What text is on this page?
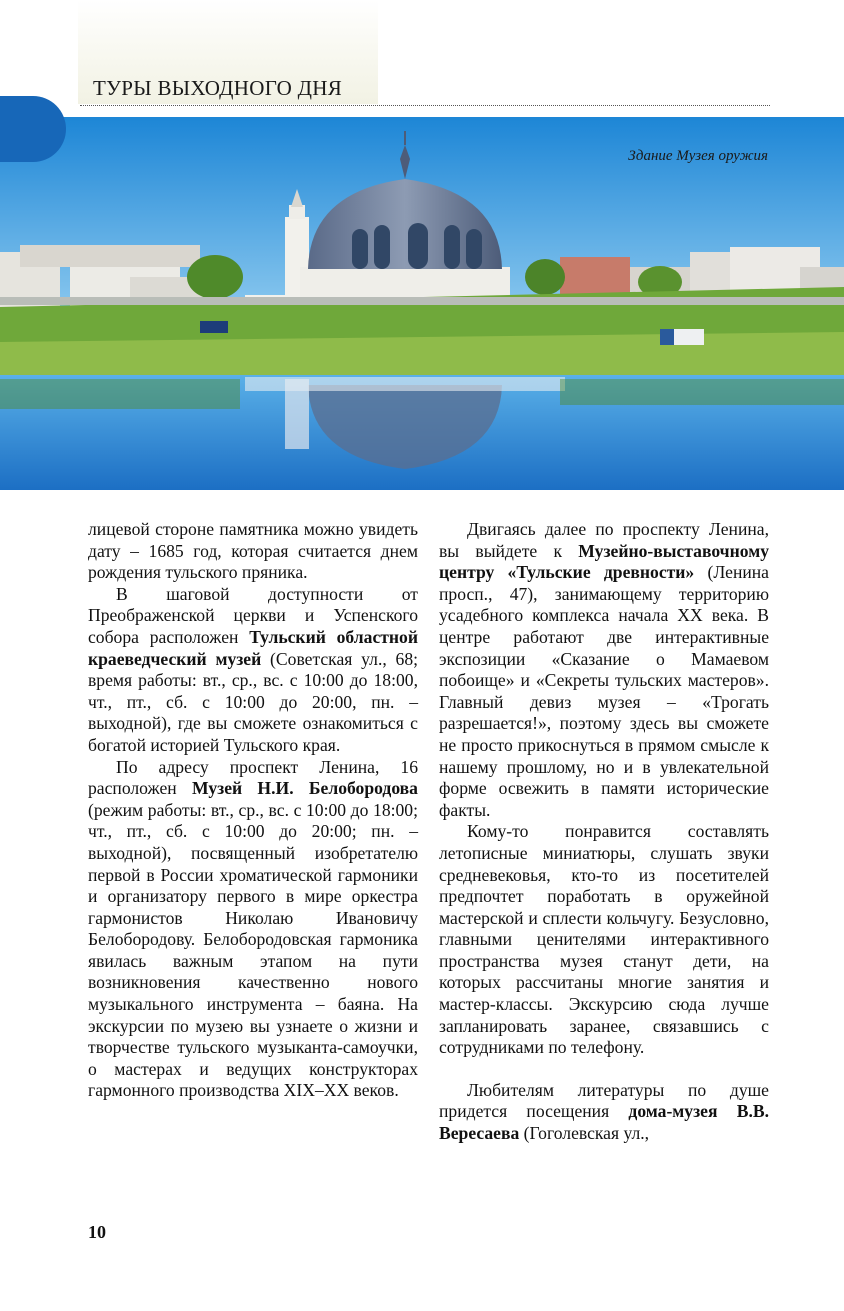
ТУРЫ ВЫХОДНОГО ДНЯ
Здание Музея оружия

лицевой стороне памятника можно увидеть дату – 1685 год, которая считается днем рождения тульского пряника.

В шаговой доступности от Преображенской церкви и Успенского собора расположен Тульский областной краеведческий музей (Советская ул., 68; время работы: вт., ср., вс. с 10:00 до 18:00, чт., пт., сб. с 10:00 до 20:00, пн. – выходной), где вы сможете ознакомиться с богатой историей Тульского края.

По адресу проспект Ленина, 16 расположен Музей Н.И. Белобородова (режим работы: вт., ср., вс. с 10:00 до 18:00; чт., пт., сб. с 10:00 до 20:00; пн. – выходной), посвященный изобретателю первой в России хроматической гармоники и организатору первого в мире оркестра гармонистов Николаю Ивановичу Белобородову. Белобородовская гармоника явилась важным этапом на пути возникновения качественно нового музыкального инструмента – баяна. На экскурсии по музею вы узнаете о жизни и творчестве тульского музыканта-самоучки, о мастерах и ведущих конструкторах гармонного производства XIX–XX веков.

Двигаясь далее по проспекту Ленина, вы выйдете к Музейно-выставочному центру «Тульские древности» (Ленина просп., 47), занимающему территорию усадебного комплекса начала XX века. В центре работают две интерактивные экспозиции «Сказание о Мамаевом побоище» и «Секреты тульских мастеров». Главный девиз музея – «Трогать разрешается!», поэтому здесь вы сможете не просто прикоснуться в прямом смысле к нашему прошлому, но и в увлекательной форме освежить в памяти исторические факты.

Кому-то понравится составлять летописные миниатюры, слушать звуки средневековья, кто-то из посетителей предпочтет поработать в оружейной мастерской и сплести кольчугу. Безусловно, главными ценителями интерактивного пространства музея станут дети, на которых рассчитаны многие занятия и мастер-классы. Экскурсию сюда лучше запланировать заранее, связавшись с сотрудниками по телефону.

Любителям литературы по душе придется посещения дома-музея В.В. Вересаева (Гоголевская ул.,

10
